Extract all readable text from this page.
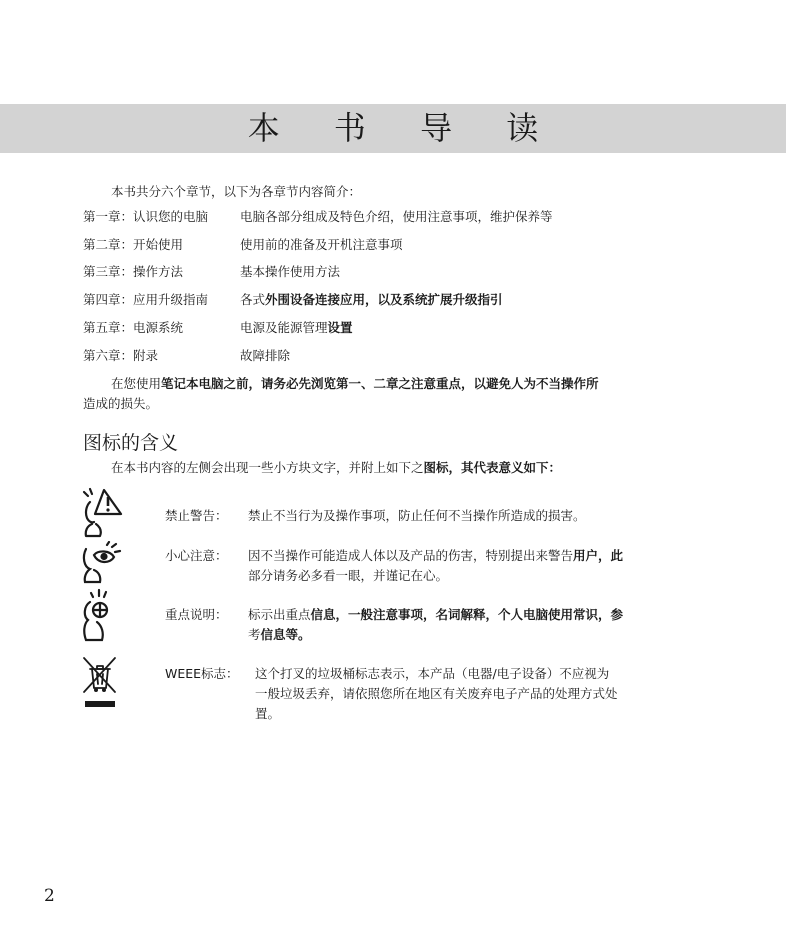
本 书 导 读
本书共分六个章节，以下为各章节内容简介：
第一章：认识您的电脑	电脑各部分组成及特色介绍，使用注意事项，维护保养等
第二章：开始使用	使用前的准备及开机注意事项
第三章：操作方法	基本操作使用方法
第四章：应用升级指南	各式外围设备连接应用，以及系统扩展升级指引
第五章：电源系统	电源及能源管理设置
第六章：附录	故障排除
在您使用笔记本电脑之前，请务必先浏览第一、二章之注意重点，以避免人为不当操作所
造成的损失。
图标的含义
在本书内容的左侧会出现一些小方块文字，并附上如下之图标，其代表意义如下：
禁止警告： 禁止不当行为及操作事项，防止任何不当操作所造成的损害。
小心注意： 因不当操作可能造成人体以及产品的伤害，特别提出来警告用户，此
部分请务必多看一眼，并谨记在心。
重点说明： 标示出重点信息，一般注意事项，名词解释，个人电脑使用常识，参
考信息等。
WEEE标志： 这个打叉的垃圾桶标志表示，本产品（电器/电子设备）不应视为
一般垃圾丢弃，请依照您所在地区有关废弃电子产品的处理方式处
置。
2
